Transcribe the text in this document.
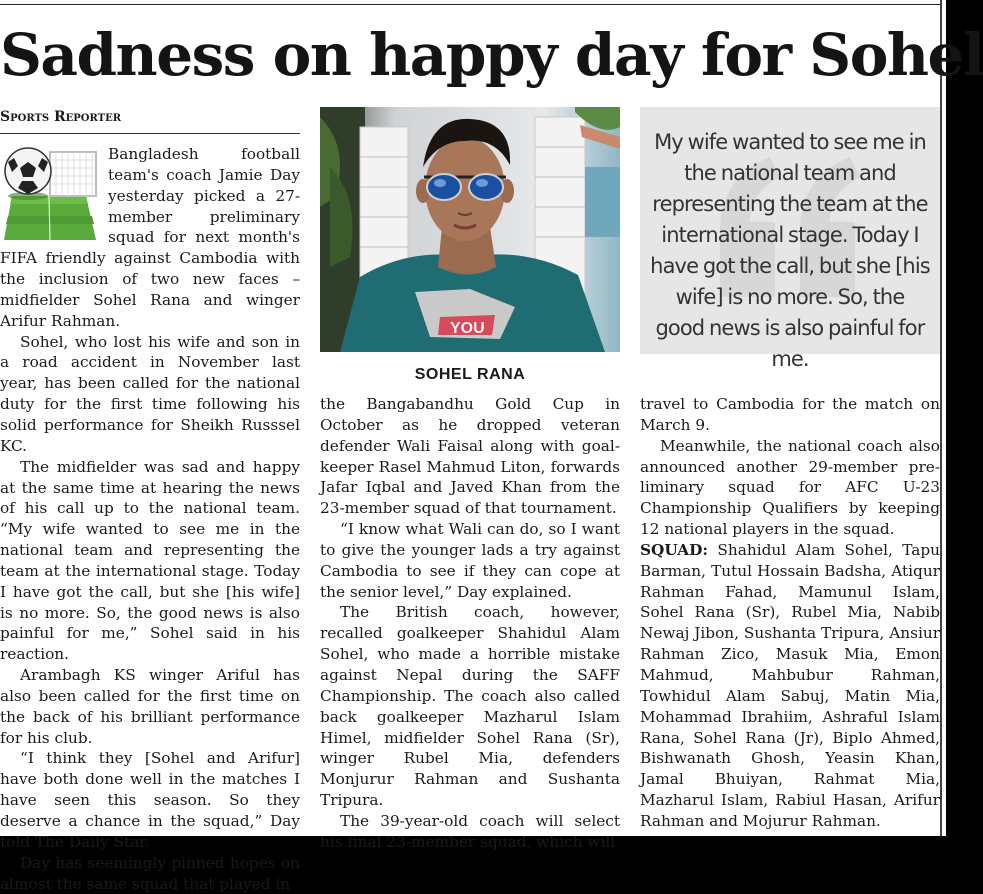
Sadness on happy day for Sohel
Sports Reporter

Bangladesh football team's coach Jamie Day yesterday picked a 27-member preliminary squad for next month's FIFA friendly against Cambodia with the inclusion of two new faces – midfielder Sohel Rana and winger Arifur Rahman.

Sohel, who lost his wife and son in a road accident in November last year, has been called for the national duty for the first time following his solid performance for Sheikh Russsel KC.

The midfielder was sad and happy at the same time at hearing the news of his call up to the national team. “My wife wanted to see me in the national team and representing the team at the international stage. Today I have got the call, but she [his wife] is no more. So, the good news is also painful for me,” Sohel said in his reaction.

Arambagh KS winger Ariful has also been called for the first time on the back of his brilliant performance for his club.

“I think they [Sohel and Arifur] have both done well in the matches I have seen this season. So they deserve a chance in the squad,” Day told The Daily Star.

Day has seemingly pinned hopes on almost the same squad that played in

YOU
SOHEL RANA
My wife wanted to see me in the national team and representing the team at the international stage. Today I have got the call, but she [his wife] is no more. So, the good news is also painful for me.

the Bangabandhu Gold Cup in October as he dropped veteran defender Wali Faisal along with goal-keeper Rasel Mahmud Liton, forwards Jafar Iqbal and Javed Khan from the 23-member squad of that tournament.

“I know what Wali can do, so I want to give the younger lads a try against Cambodia to see if they can cope at the senior level,” Day explained.

The British coach, however, recalled goalkeeper Shahidul Alam Sohel, who made a horrible mistake against Nepal during the SAFF Championship. The coach also called back goalkeeper Mazharul Islam Himel, midfielder Sohel Rana (Sr), winger Rubel Mia, defenders Monjurur Rahman and Sushanta Tripura.

The 39-year-old coach will select his final 23-member squad, which will

travel to Cambodia for the match on March 9.

Meanwhile, the national coach also announced another 29-member pre-liminary squad for AFC U-23 Championship Qualifiers by keeping 12 national players in the squad.

SQUAD: Shahidul Alam Sohel, Tapu Barman, Tutul Hossain Badsha, Atiqur Rahman Fahad, Mamunul Islam, Sohel Rana (Sr), Rubel Mia, Nabib Newaj Jibon, Sushanta Tripura, Ansiur Rahman Zico, Masuk Mia, Emon Mahmud, Mahbubur Rahman, Towhidul Alam Sabuj, Matin Mia, Mohammad Ibrahiim, Ashraful Islam Rana, Sohel Rana (Jr), Biplo Ahmed, Bishwanath Ghosh, Yeasin Khan, Jamal Bhuiyan, Rahmat Mia, Mazharul Islam, Rabiul Hasan, Arifur Rahman and Mojurur Rahman.
